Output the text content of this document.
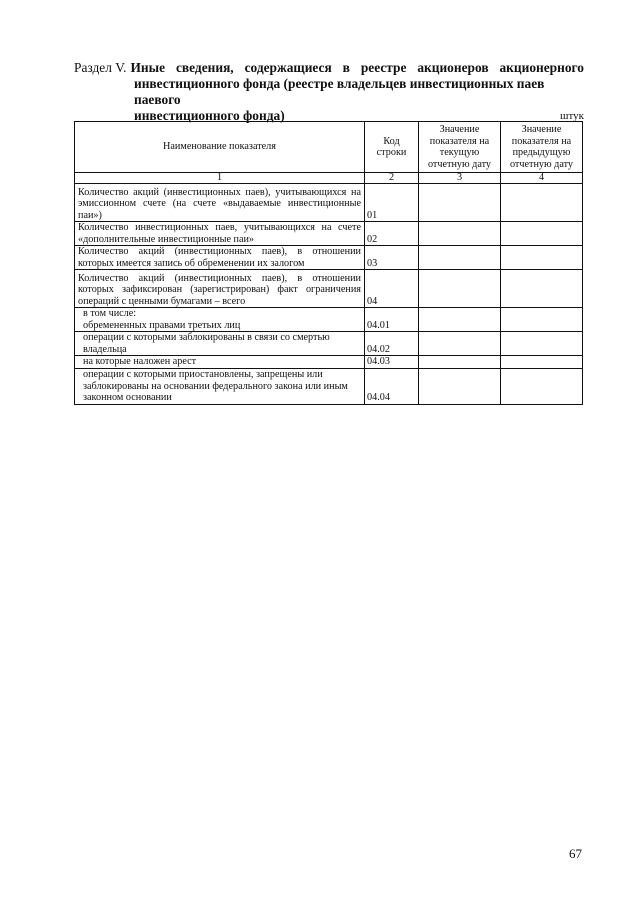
Раздел V. Иные сведения, содержащиеся в реестре акционеров акционерного
инвестиционного фонда (реестре владельцев инвестиционных паев паевого
инвестиционного фонда)	штук
Наименование показателя	Код строки	Значение показателя на текущую отчетную дату	Значение показателя на предыдущую отчетную дату
1	2	3	4
Количество акций (инвестиционных паев), учитывающихся на эмиссионном счете (на счете «выдаваемые инвестиционные паи»)	01		
Количество инвестиционных паев, учитывающихся на счете «дополнительные инвестиционные паи»	02		
Количество акций (инвестиционных паев), в отношении которых имеется запись об обременении их залогом	03		
Количество акций (инвестиционных паев), в отношении которых зафиксирован (зарегистрирован) факт ограничения операций с ценными бумагами – всего	04		

в том числе:
обремененных правами третьих лиц	04.01		
операции с которыми заблокированы в связи со смертью владельца	04.02		
на которые наложен арест	04.03		
операции с которыми приостановлены, запрещены или заблокированы на основании федерального закона или иным законном основании	04.04		
67
